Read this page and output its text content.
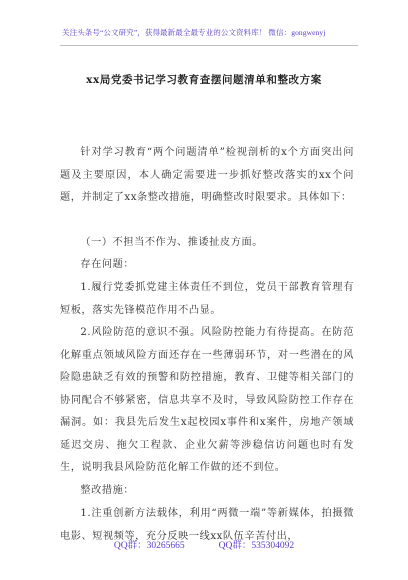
关注头条号“公文研究”，获得最新最全最专业的公文资料库！ 微信：gongwenyj
xx局党委书记学习教育查摆问题清单和整改方案
针对学习教育“两个问题清单”检视剖析的x个方面突出问题及主要原因，本人确定需要进一步抓好整改落实的xx个问题，并制定了xx条整改措施，明确整改时限要求。具体如下：
（一）不担当不作为、推诿扯皮方面。
存在问题：
1.履行党委抓党建主体责任不到位，党员干部教育管理有短板，落实先锋模范作用不凸显。
2.风险防范的意识不强。风险防控能力有待提高。在防范化解重点领域风险方面还存在一些薄弱环节，对一些潜在的风险隐患缺乏有效的预警和防控措施，教育、卫健等相关部门的协同配合不够紧密，信息共享不及时，导致风险防控工作存在漏洞。如：我县先后发生x起校园x事件和x案件，房地产领域延迟交房、拖欠工程款、企业欠薪等涉稳信访问题也时有发生，说明我县风险防范化解工作做的还不到位。
整改措施：
1.注重创新方法载体，利用“两微一端”等新媒体，拍摄微电影、短视频等，充分反映一线xx队伍辛苦付出，
QQ群：30265665	QQ群：535304092
